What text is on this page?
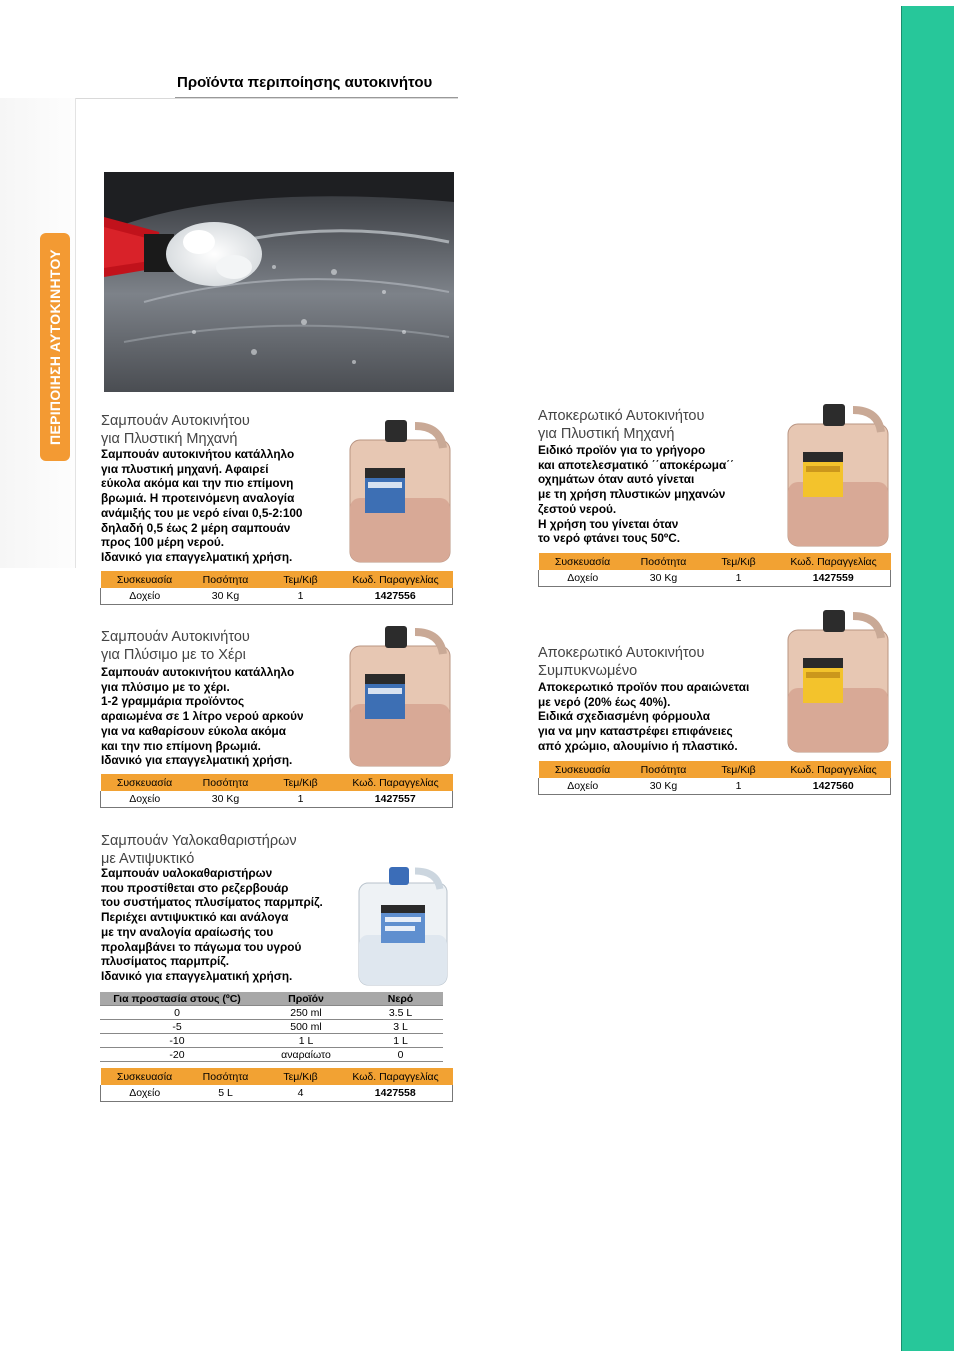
Προϊόντα περιποίησης αυτοκινήτου
ΠΕΡΙΠΟΙΗΣΗ ΑΥΤΟΚΙΝΗΤΟΥ	Σαμπουάν Αυτοκινήτου
για Πλυστική Μηχανή
Σαμπουάν αυτοκινήτου κατάλληλο
για πλυστική μηχανή. Αφαιρεί
εύκολα ακόμα και την πιο επίμονη
βρωμιά. Η προτεινόμενη αναλογία
ανάμιξής του με νερό είναι 0,5-2:100
δηλαδή 0,5 έως 2 μέρη σαμπουάν
προς 100 μέρη νερού.
Ιδανικό για επαγγελματική χρήση.
Συσκευασία	Ποσότητα	Τεμ/Κιβ	Κωδ. Παραγγελίας
Δοχείο	30 Kg	1	1427556
Αποκερωτικό Αυτοκινήτου
για Πλυστική Μηχανή
Ειδικό προϊόν για το γρήγορο
και αποτελεσματικό ΄΄αποκέρωμα΄΄
οχημάτων όταν αυτό γίνεται
με τη χρήση πλυστικών μηχανών
ζεστού νερού.
Η χρήση του γίνεται όταν
το νερό φτάνει τους 50ºC.
Συσκευασία	Ποσότητα	Τεμ/Κιβ	Κωδ. Παραγγελίας
Δοχείο	30 Kg	1	1427559
Σαμπουάν Αυτοκινήτου
για Πλύσιμο με το Χέρι
Σαμπουάν αυτοκινήτου κατάλληλο
για πλύσιμο με το χέρι.
1-2 γραμμάρια προϊόντος
αραιωμένα σε 1 λίτρο νερού αρκούν
για να καθαρίσουν εύκολα ακόμα
και την πιο επίμονη βρωμιά.
Ιδανικό για επαγγελματική χρήση.
Συσκευασία	Ποσότητα	Τεμ/Κιβ	Κωδ. Παραγγελίας
Δοχείο	30 Kg	1	1427557
Αποκερωτικό Αυτοκινήτου
Συμπυκνωμένο
Αποκερωτικό προϊόν που αραιώνεται
με νερό (20% έως 40%).
Ειδικά σχεδιασμένη φόρμουλα
για να μην καταστρέφει επιφάνειες
από χρώμιο, αλουμίνιο ή πλαστικό.
Συσκευασία	Ποσότητα	Τεμ/Κιβ	Κωδ. Παραγγελίας
Δοχείο	30 Kg	1	1427560
Σαμπουάν Υαλοκαθαριστήρων
με Αντιψυκτικό
Σαμπουάν υαλοκαθαριστήρων
που προστίθεται στο ρεζερβουάρ
του συστήματος πλυσίματος παρμπρίζ.
Περιέχει αντιψυκτικό και ανάλογα
με την αναλογία αραίωσής του
προλαμβάνει το πάγωμα του υγρού
πλυσίματος παρμπρίζ.
Ιδανικό για επαγγελματική χρήση.
Για προστασία στους (ºC)	Προϊόν	Νερό
0	250 ml	3.5 L
-5	500 ml	3 L
-10	1 L	1 L
-20	αναραίωτο	0
Συσκευασία	Ποσότητα	Τεμ/Κιβ	Κωδ. Παραγγελίας
Δοχείο	5 L	4	1427558
